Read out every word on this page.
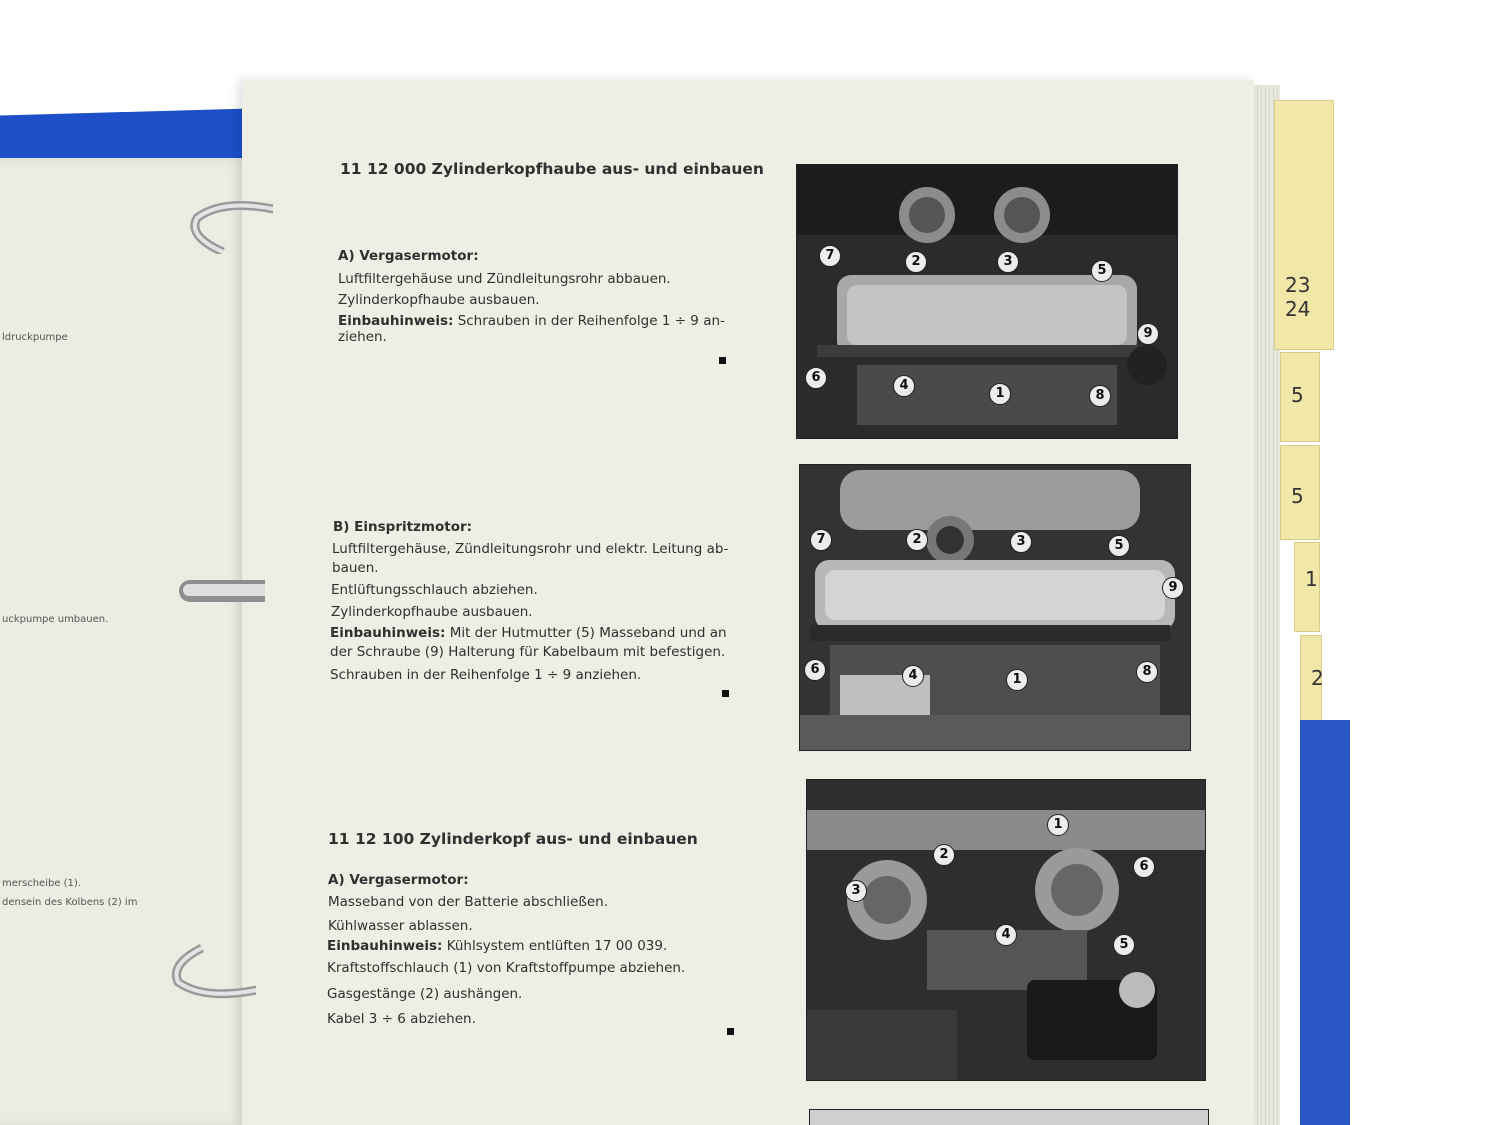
ldruckpumpe
uckpumpe umbauen.
merscheibe (1).
densein des Kolbens (2) im
23
24
5
5
1
2
11 12 000 Zylinderkopfhaube aus- und einbauen
A) Vergasermotor:
Luftfiltergehäuse und Zündleitungsrohr abbauen.
Zylinderkopfhaube ausbauen.
Einbauhinweis: Schrauben in der Reihenfolge 1 ÷ 9 an-
ziehen.
B) Einspritzmotor:
Luftfiltergehäuse, Zündleitungsrohr und elektr. Leitung ab-
bauen.
Entlüftungsschlauch abziehen.
Zylinderkopfhaube ausbauen.
Einbauhinweis: Mit der Hutmutter (5) Masseband und an
der Schraube (9) Halterung für Kabelbaum mit befestigen.
Schrauben in der Reihenfolge 1 ÷ 9 anziehen.
11 12 100 Zylinderkopf aus- und einbauen
A) Vergasermotor:
Masseband von der Batterie abschließen.
Kühlwasser ablassen.
Einbauhinweis: Kühlsystem entlüften 17 00 039.
Kraftstoffschlauch (1) von Kraftstoffpumpe abziehen.
Gasgestänge (2) aushängen.
Kabel 3 ÷ 6 abziehen.
7	2	3
5
9
6
4
1	8
7	2	3	5
9
6	4	1
8
1
2
6
3
4
5
